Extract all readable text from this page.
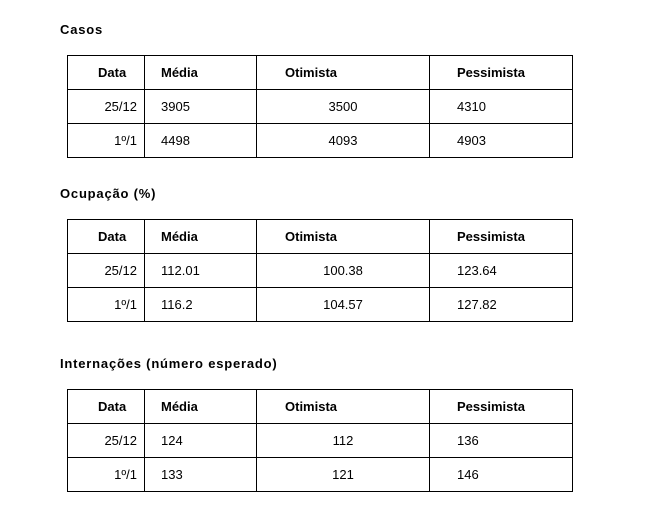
Casos
Data	Média	Otimista	Pessimista
25/12	3905	3500	4310
1º/1	4498	4093	4903
Ocupação (%)
Data	Média	Otimista	Pessimista
25/12	112.01	100.38	123.64
1º/1	116.2	104.57	127.82
Internações (número esperado)
Data	Média	Otimista	Pessimista
25/12	124	112	136
1º/1	133	121	146
